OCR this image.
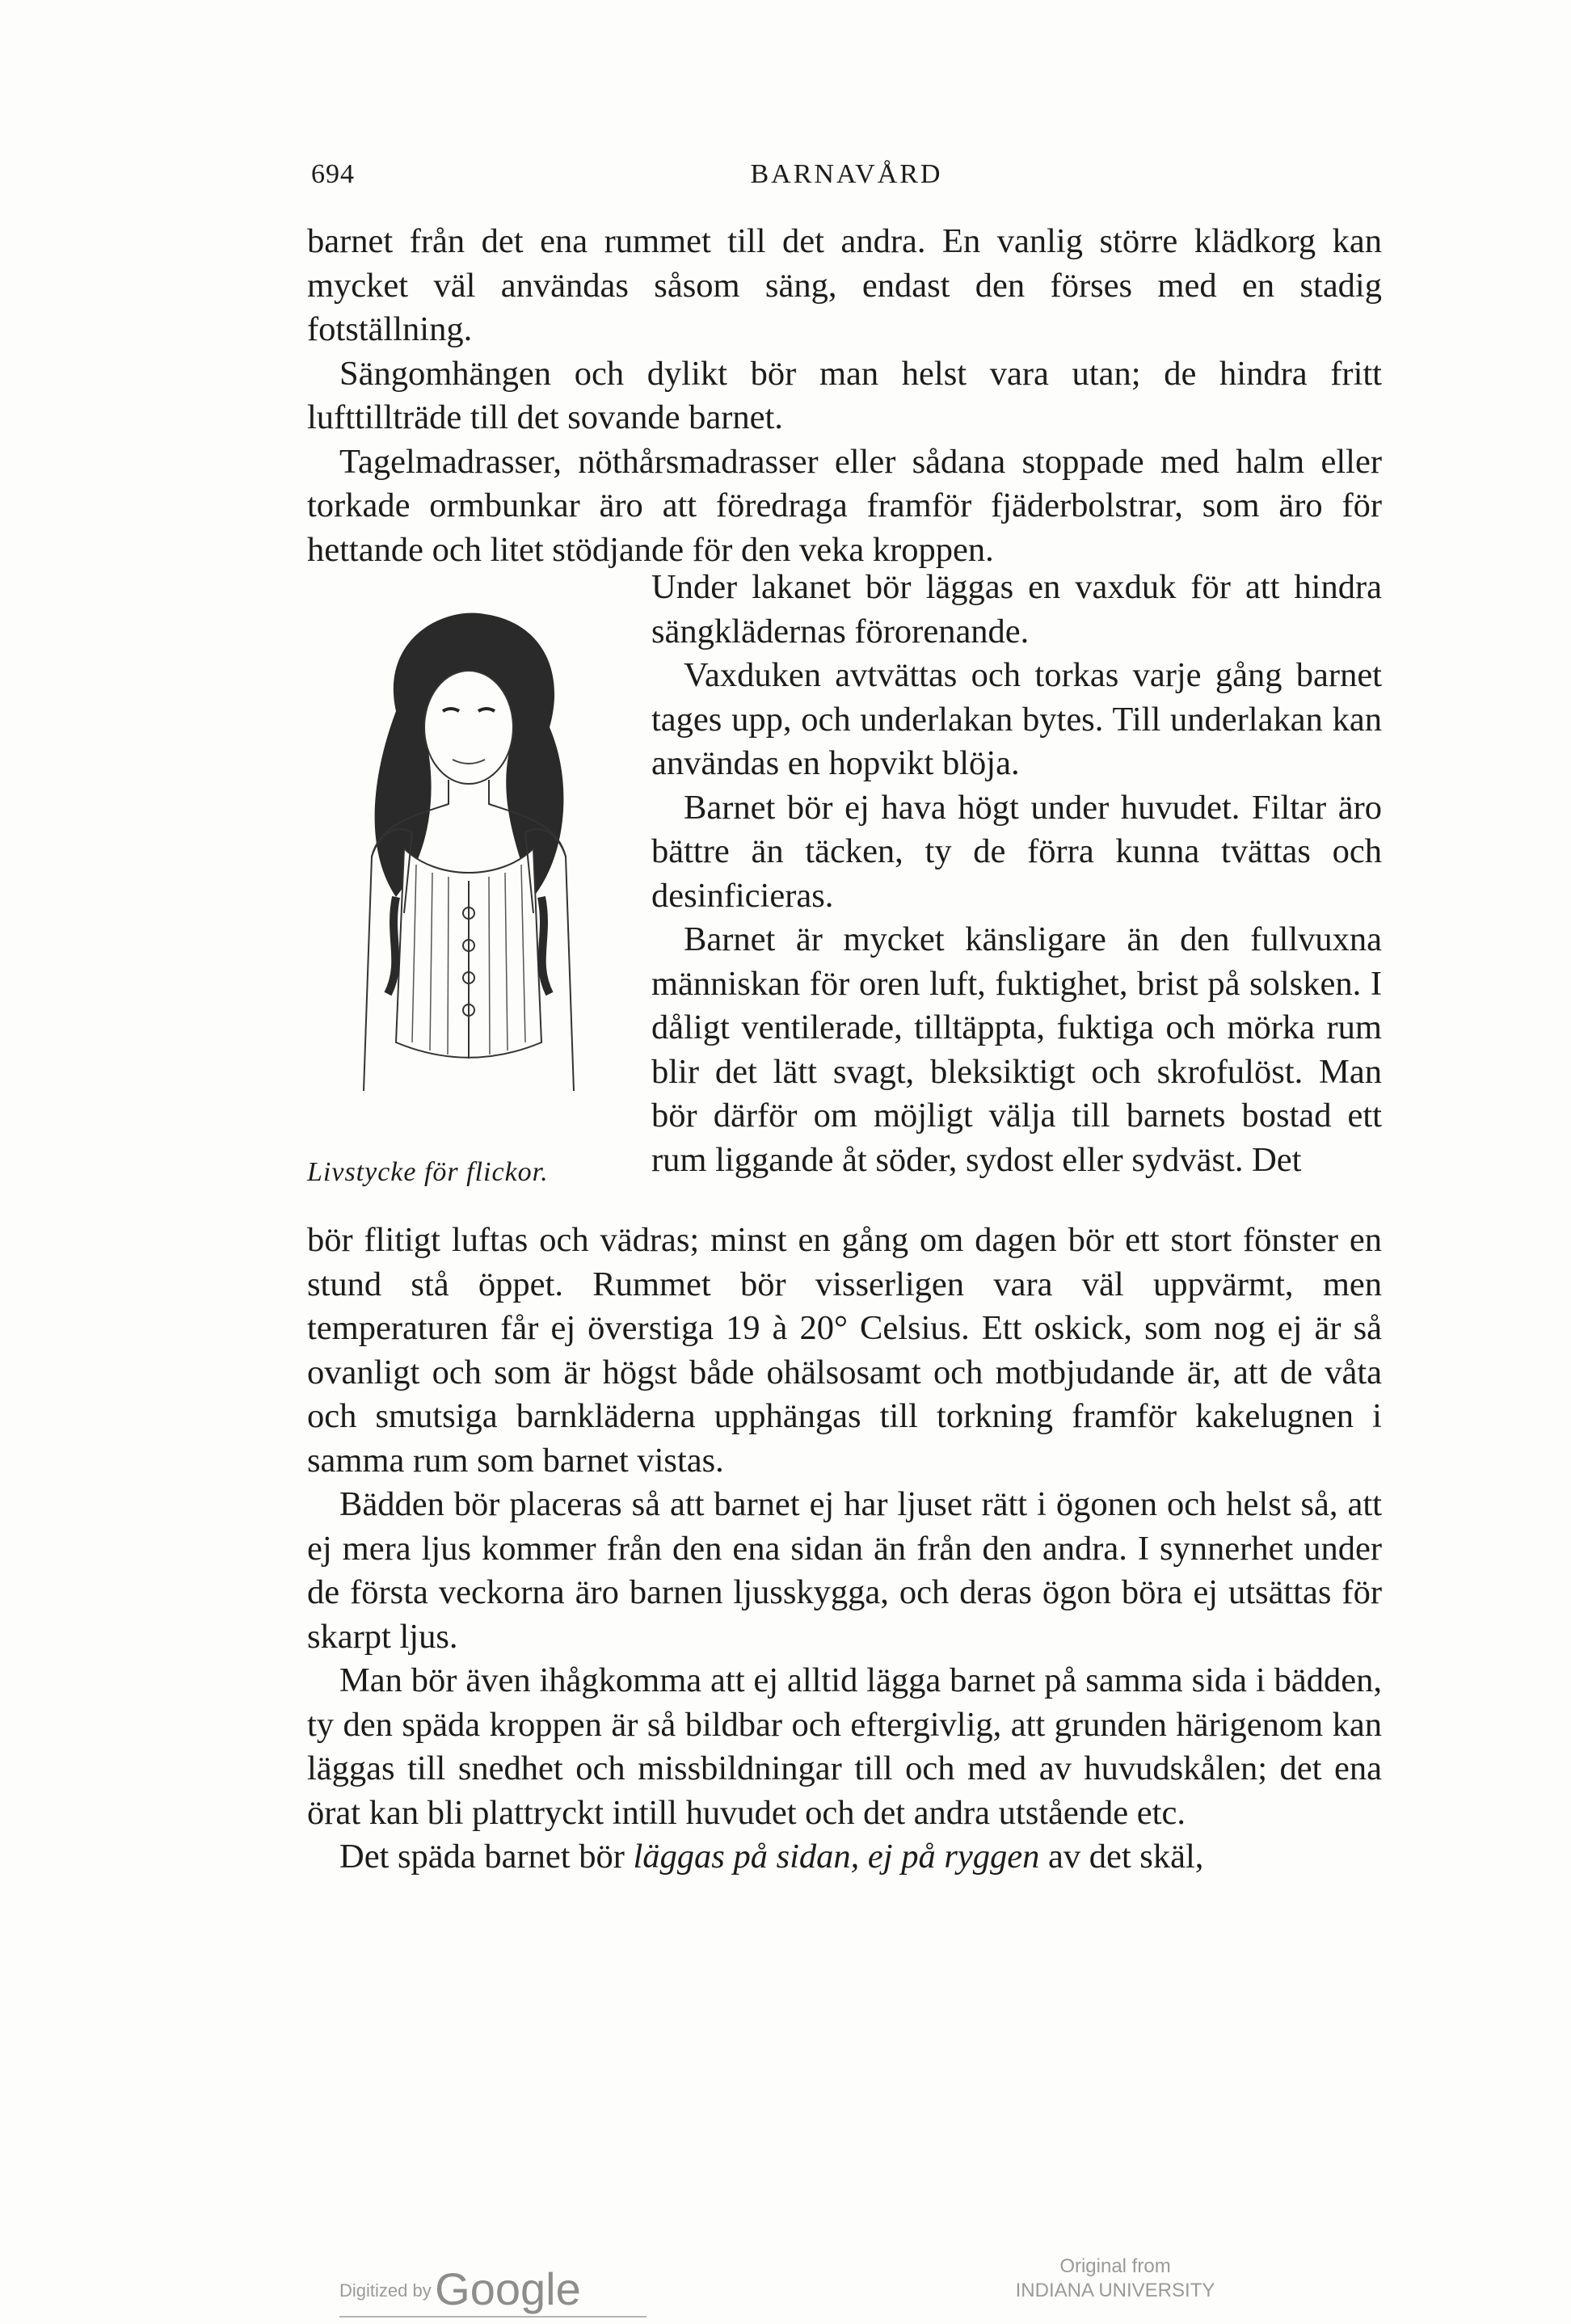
694	BARNAVÅRD

barnet från det ena rummet till det andra. En vanlig större klädkorg kan mycket väl användas såsom säng, endast den förses med en stadig fotställning.

Sängomhängen och dylikt bör man helst vara utan; de hindra fritt lufttillträde till det sovande barnet.

Tagelmadrasser, nöthårsmadrasser eller sådana stoppade med halm eller torkade ormbunkar äro att föredraga framför fjäderbolstrar, som äro för hettande och litet stödjande för den veka kroppen.

Under lakanet bör läggas en vaxduk för att hindra sängklädernas förorenande.

Vaxduken avtvättas och torkas varje gång barnet tages upp, och underlakan bytes. Till underlakan kan användas en hopvikt blöja.

Barnet bör ej hava högt under huvudet. Filtar äro bättre än täcken, ty de förra kunna tvättas och desinficieras.

Barnet är mycket känsligare än den fullvuxna människan för oren luft, fuktighet, brist på solsken. I dåligt ventilerade, tilltäppta, fuktiga och mörka rum blir det lätt svagt, bleksiktigt och skrofulöst. Man bör därför om möjligt välja till barnets bostad ett rum liggande åt söder, sydost eller sydväst. Det

Livstycke för flickor.

bör flitigt luftas och vädras; minst en gång om dagen bör ett stort fönster en stund stå öppet. Rummet bör visserligen vara väl uppvärmt, men temperaturen får ej överstiga 19 à 20° Celsius. Ett oskick, som nog ej är så ovanligt och som är högst både ohälsosamt och motbjudande är, att de våta och smutsiga barnkläderna upphängas till torkning framför kakelugnen i samma rum som barnet vistas.

Bädden bör placeras så att barnet ej har ljuset rätt i ögonen och helst så, att ej mera ljus kommer från den ena sidan än från den andra. I synnerhet under de första veckorna äro barnen ljusskygga, och deras ögon böra ej utsättas för skarpt ljus.

Man bör även ihågkomma att ej alltid lägga barnet på samma sida i bädden, ty den späda kroppen är så bildbar och eftergivlig, att grunden härigenom kan läggas till snedhet och missbildningar till och med av huvudskålen; det ena örat kan bli plattryckt intill huvudet och det andra utstående etc.

Det späda barnet bör läggas på sidan, ej på ryggen av det skäl,

Digitized by Google	Original from
INDIANA UNIVERSITY
